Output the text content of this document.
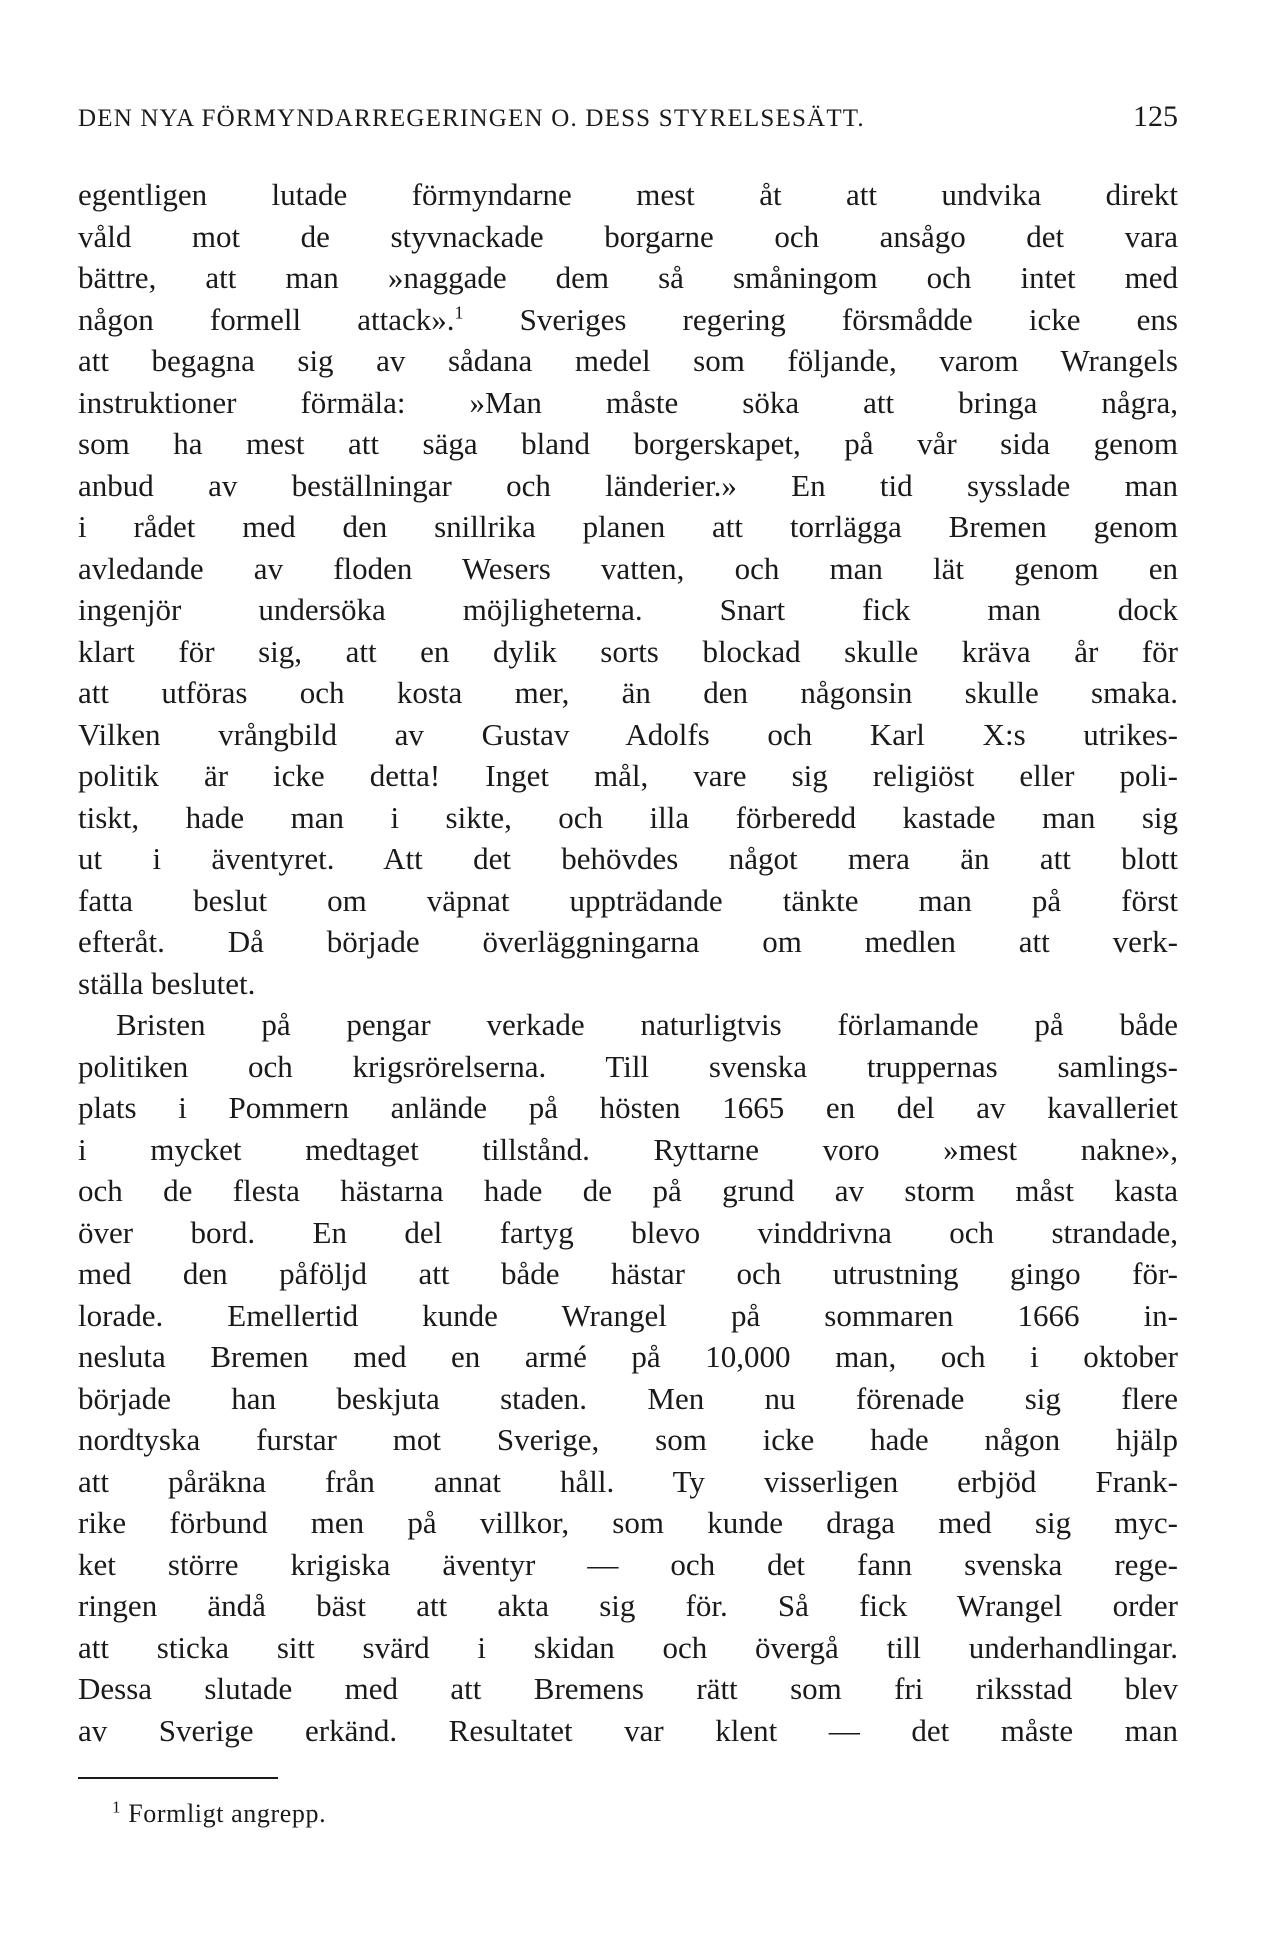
DEN NYA FÖRMYNDARREGERINGEN O. DESS STYRELSESÄTT.	125

egentligen lutade förmyndarne mest åt att undvika direkt
våld mot de styvnackade borgarne och ansågo det vara
bättre, att man »naggade dem så småningom och intet med
någon formell attack».$^1$ Sveriges regering försmådde icke ens
att begagna sig av sådana medel som följande, varom Wrangels
instruktioner förmäla: »Man måste söka att bringa några,
som ha mest att säga bland borgerskapet, på vår sida genom
anbud av beställningar och länderier.» En tid sysslade man
i rådet med den snillrika planen att torrlägga Bremen genom
avledande av floden Wesers vatten, och man lät genom en
ingenjör undersöka möjligheterna. Snart fick man dock
klart för sig, att en dylik sorts blockad skulle kräva år för
att utföras och kosta mer, än den någonsin skulle smaka.
Vilken vrångbild av Gustav Adolfs och Karl X:s utrikes-
politik är icke detta! Inget mål, vare sig religiöst eller poli-
tiskt, hade man i sikte, och illa förberedd kastade man sig
ut i äventyret. Att det behövdes något mera än att blott
fatta beslut om väpnat uppträdande tänkte man på först
efteråt. Då började överläggningarna om medlen att verk-
ställa beslutet.

Bristen på pengar verkade naturligtvis förlamande på både
politiken och krigsrörelserna. Till svenska truppernas samlings-
plats i Pommern anlände på hösten 1665 en del av kavalleriet
i mycket medtaget tillstånd. Ryttarne voro »mest nakne»,
och de flesta hästarna hade de på grund av storm måst kasta
över bord. En del fartyg blevo vinddrivna och strandade,
med den påföljd att både hästar och utrustning gingo för-
lorade. Emellertid kunde Wrangel på sommaren 1666 in-
nesluta Bremen med en armé på 10,000 man, och i oktober
började han beskjuta staden. Men nu förenade sig flere
nordtyska furstar mot Sverige, som icke hade någon hjälp
att påräkna från annat håll. Ty visserligen erbjöd Frank-
rike förbund men på villkor, som kunde draga med sig myc-
ket större krigiska äventyr — och det fann svenska rege-
ringen ändå bäst att akta sig för. Så fick Wrangel order
att sticka sitt svärd i skidan och övergå till underhandlingar.
Dessa slutade med att Bremens rätt som fri riksstad blev
av Sverige erkänd. Resultatet var klent — det måste man

$^1$ Formligt angrepp.
